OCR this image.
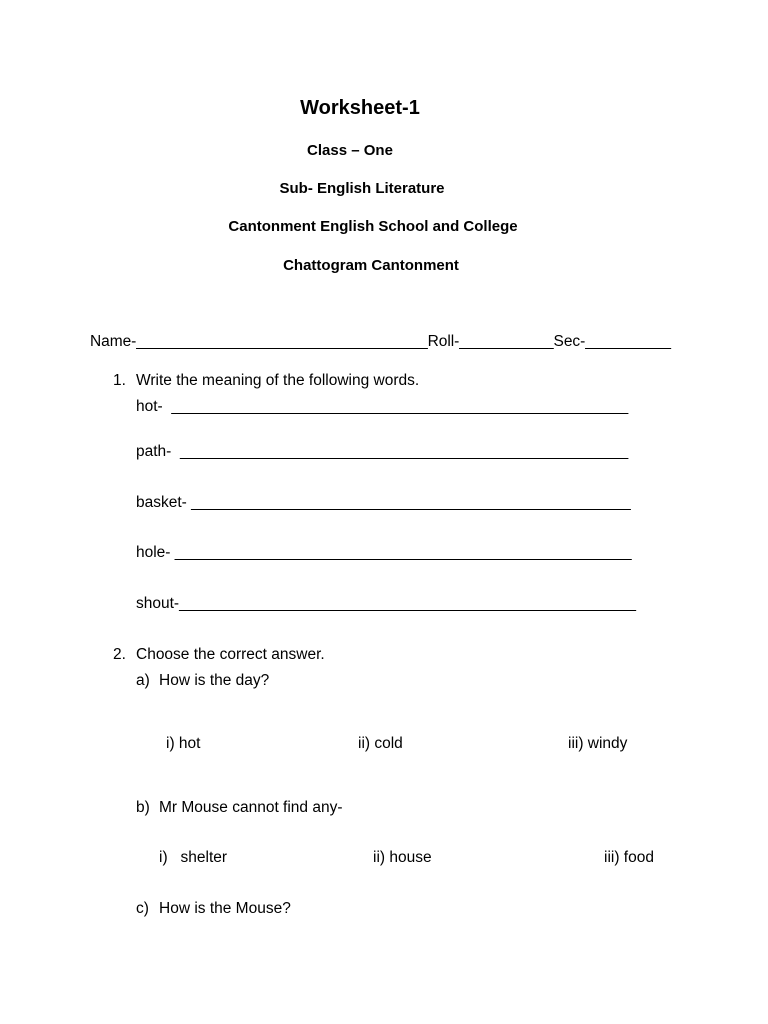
Worksheet-1
Class – One
Sub- English Literature
Cantonment English School and College
Chattogram Cantonment
Name-__________________________________Roll-___________Sec-__________
1. Write the meaning of the following words.
hot-  _____________________________________________________
path-  ____________________________________________________
basket- ___________________________________________________
hole- _____________________________________________________
shout-_____________________________________________________
2. Choose the correct answer.
a) How is the day?
i) hot	ii) cold	iii) windy
b) Mr Mouse cannot find any-
i)   shelter	ii) house	iii) food
c) How is the Mouse?
